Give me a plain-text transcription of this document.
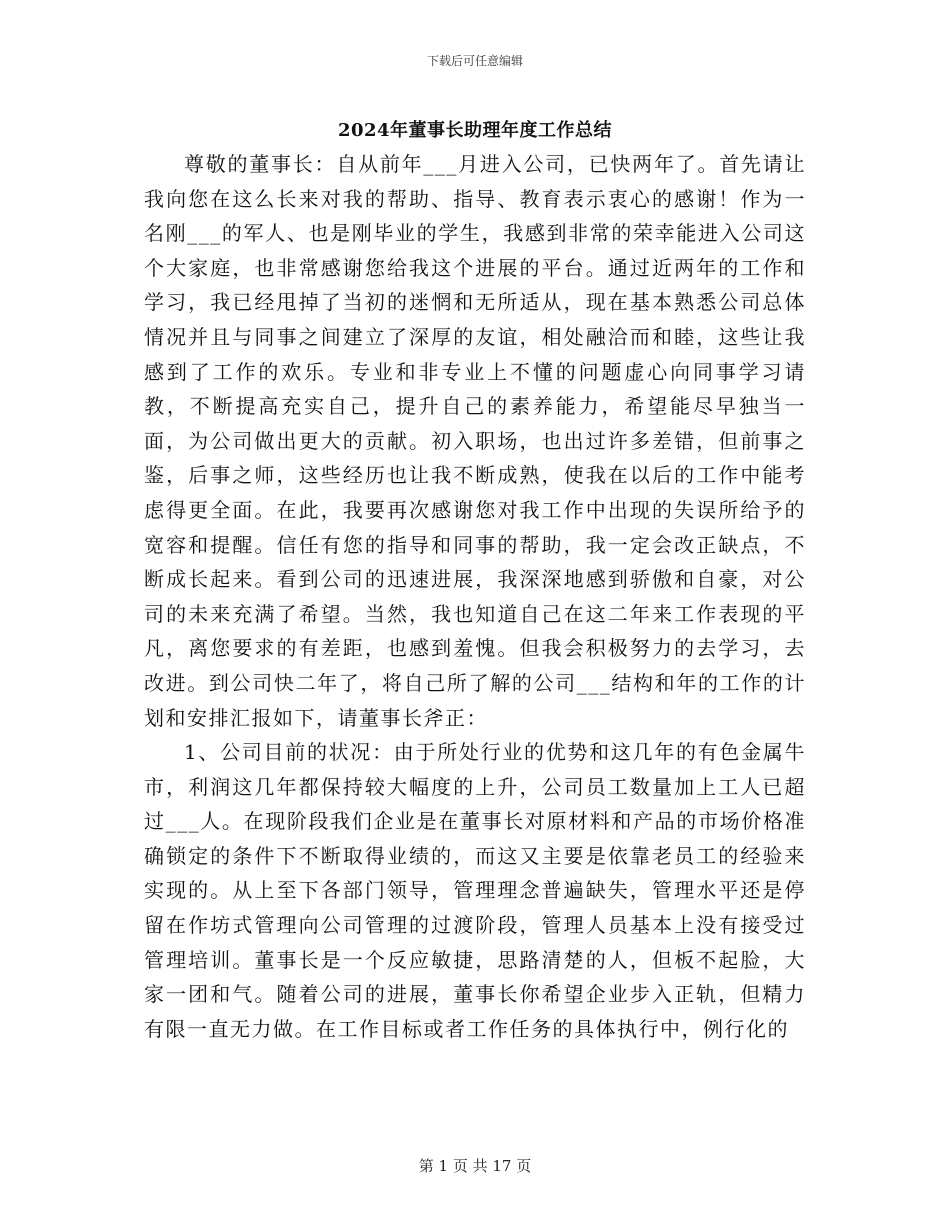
下载后可任意编辑
2024年董事长助理年度工作总结

尊敬的董事长：自从前年___月进入公司，已快两年了。首先请让我向您在这么长来对我的帮助、指导、教育表示衷心的感谢！作为一名刚___的军人、也是刚毕业的学生，我感到非常的荣幸能进入公司这个大家庭，也非常感谢您给我这个进展的平台。通过近两年的工作和学习，我已经甩掉了当初的迷惘和无所适从，现在基本熟悉公司总体情况并且与同事之间建立了深厚的友谊，相处融洽而和睦，这些让我感到了工作的欢乐。专业和非专业上不懂的问题虚心向同事学习请教，不断提高充实自己，提升自己的素养能力，希望能尽早独当一面，为公司做出更大的贡献。初入职场，也出过许多差错，但前事之鉴，后事之师，这些经历也让我不断成熟，使我在以后的工作中能考虑得更全面。在此，我要再次感谢您对我工作中出现的失误所给予的宽容和提醒。信任有您的指导和同事的帮助，我一定会改正缺点，不断成长起来。看到公司的迅速进展，我深深地感到骄傲和自豪，对公司的未来充满了希望。当然，我也知道自己在这二年来工作表现的平凡，离您要求的有差距，也感到羞愧。但我会积极努力的去学习，去改进。到公司快二年了，将自己所了解的公司___结构和年的工作的计划和安排汇报如下，请董事长斧正：

1、公司目前的状况：由于所处行业的优势和这几年的有色金属牛市，利润这几年都保持较大幅度的上升，公司员工数量加上工人已超过___人。在现阶段我们企业是在董事长对原材料和产品的市场价格准确锁定的条件下不断取得业绩的，而这又主要是依靠老员工的经验来实现的。从上至下各部门领导，管理理念普遍缺失，管理水平还是停留在作坊式管理向公司管理的过渡阶段，管理人员基本上没有接受过管理培训。董事长是一个反应敏捷，思路清楚的人，但板不起脸，大家一团和气。随着公司的进展，董事长你希望企业步入正轨，但精力有限一直无力做。在工作目标或者工作任务的具体执行中，例行化的

第 1 页 共 17 页
